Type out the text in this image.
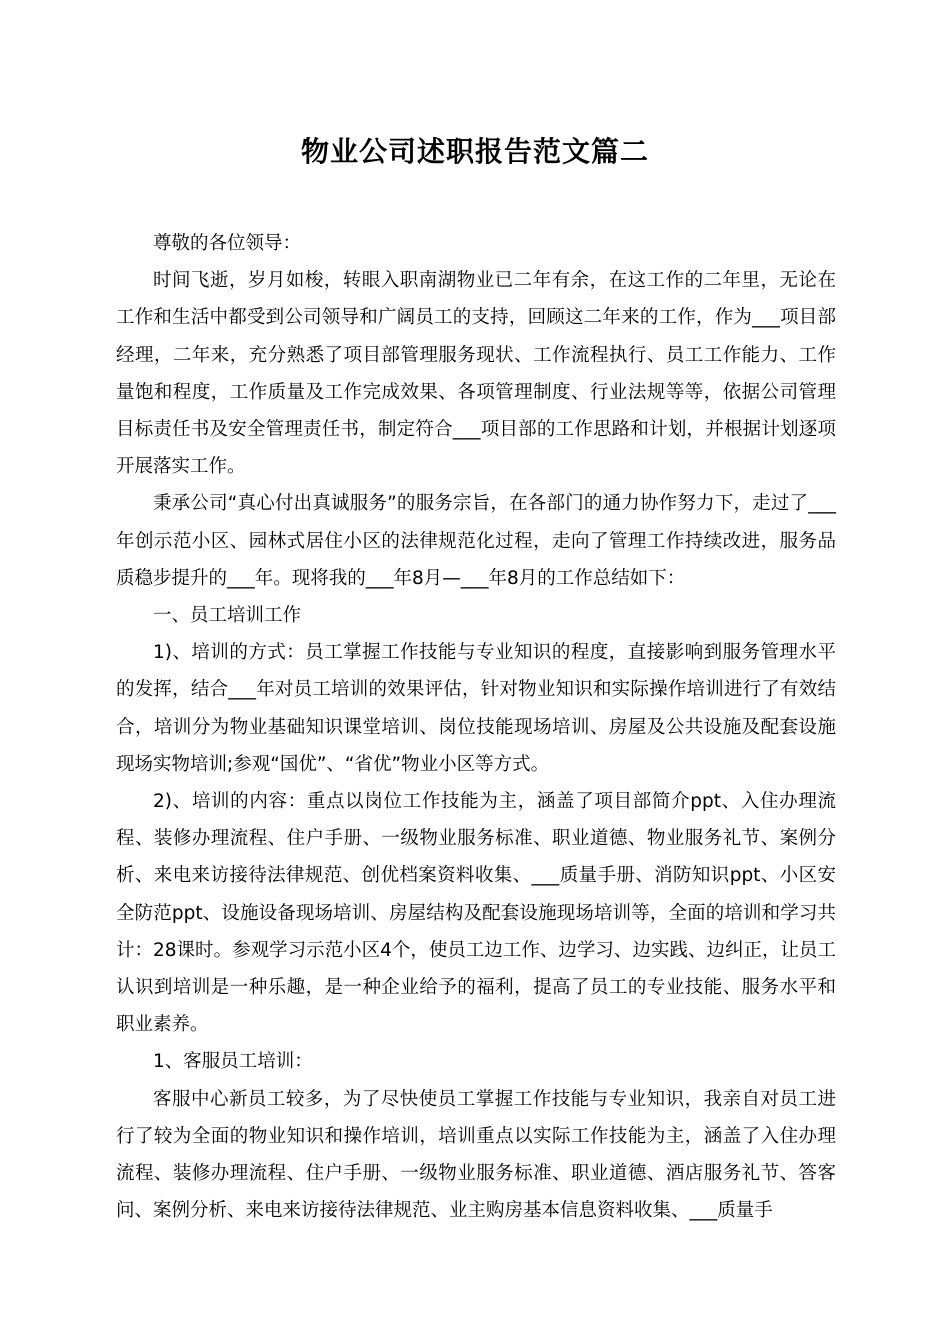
物业公司述职报告范文篇二

尊敬的各位领导：

时间飞逝，岁月如梭，转眼入职南湖物业已二年有余，在这工作的二年里，无论在工作和生活中都受到公司领导和广阔员工的支持，回顾这二年来的工作，作为___项目部经理，二年来，充分熟悉了项目部管理服务现状、工作流程执行、员工工作能力、工作量饱和程度，工作质量及工作完成效果、各项管理制度、行业法规等等，依据公司管理目标责任书及安全管理责任书，制定符合___项目部的工作思路和计划，并根据计划逐项开展落实工作。

秉承公司“真心付出真诚服务”的服务宗旨，在各部门的通力协作努力下，走过了___年创示范小区、园林式居住小区的法律规范化过程，走向了管理工作持续改进，服务品质稳步提升的___年。现将我的___年8月—___年8月的工作总结如下：

一、员工培训工作

1)、培训的方式：员工掌握工作技能与专业知识的程度，直接影响到服务管理水平的发挥，结合___年对员工培训的效果评估，针对物业知识和实际操作培训进行了有效结合，培训分为物业基础知识课堂培训、岗位技能现场培训、房屋及公共设施及配套设施现场实物培训;参观“国优”、“省优”物业小区等方式。

2)、培训的内容：重点以岗位工作技能为主，涵盖了项目部简介ppt、入住办理流程、装修办理流程、住户手册、一级物业服务标准、职业道德、物业服务礼节、案例分析、来电来访接待法律规范、创优档案资料收集、___质量手册、消防知识ppt、小区安全防范ppt、设施设备现场培训、房屋结构及配套设施现场培训等，全面的培训和学习共计：28课时。参观学习示范小区4个，使员工边工作、边学习、边实践、边纠正，让员工认识到培训是一种乐趣，是一种企业给予的福利，提高了员工的专业技能、服务水平和职业素养。

1、客服员工培训：

客服中心新员工较多，为了尽快使员工掌握工作技能与专业知识，我亲自对员工进行了较为全面的物业知识和操作培训，培训重点以实际工作技能为主，涵盖了入住办理流程、装修办理流程、住户手册、一级物业服务标准、职业道德、酒店服务礼节、答客问、案例分析、来电来访接待法律规范、业主购房基本信息资料收集、___质量手
